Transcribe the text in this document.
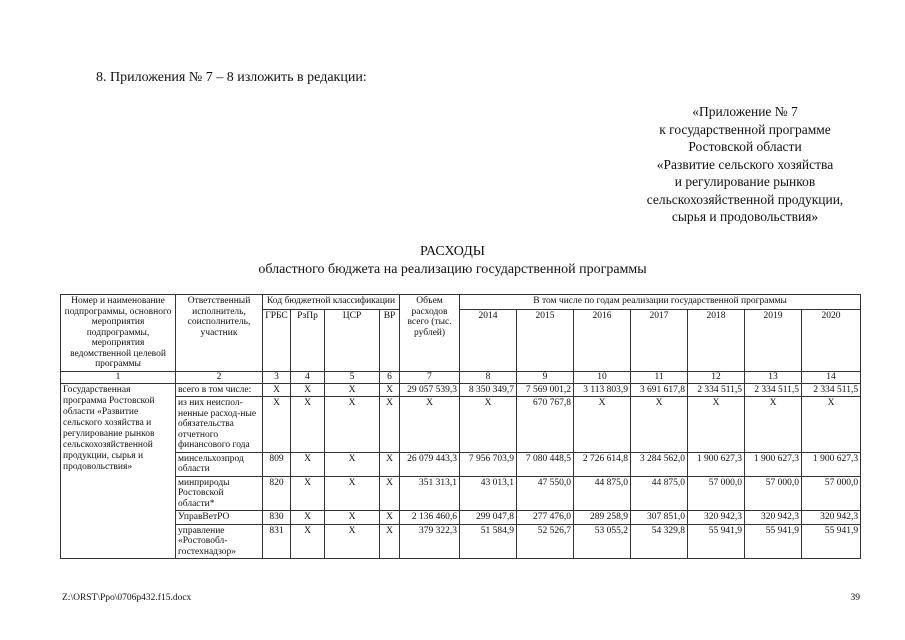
8. Приложения № 7 – 8 изложить в редакции:
«Приложение № 7
к государственной программе
Ростовской области
«Развитие сельского хозяйства
и регулирование рынков
сельскохозяйственной продукции,
сырья и продовольствия»
РАСХОДЫ
областного бюджета на реализацию государственной программы
Номер и наименование подпрограммы, основного мероприятия подпрограммы, мероприятия ведомственной целевой программы	Ответственный исполнитель, соисполнитель, участник	Код бюджетной классификации				Объем расходов всего (тыс. рублей)	В том числе по годам реализации государственной программы						
		ГРБС	РзПр	ЦСР	ВР		2014	2015	2016	2017	2018	2019	2020
1	2	3	4	5	6	7	8	9	10	11	12	13	14
Государственная программа Ростовской области «Развитие сельского хозяйства и регулирование рынков сельскохозяйственной продукции, сырья и продовольствия»	всего в том числе:	X	X	X	X	29 057 539,3	8 350 349,7	7 569 001,2	3 113 803,9	3 691 617,8	2 334 511,5	2 334 511,5	2 334 511,5
	из них неиспол-ненные расход-ные обязательства отчетного финансового года	X	X	X	X	X	X	670 767,8	X	X	X	X	X
	минсельхозпрод области	809	X	X	X	26 079 443,3	7 956 703,9	7 080 448,5	2 726 614,8	3 284 562,0	1 900 627,3	1 900 627,3	1 900 627,3
	минприроды Ростовской области*	820	X	X	X	351 313,1	43 013,1	47 550,0	44 875,0	44 875,0	57 000,0	57 000,0	57 000,0
	УправВетРО	830	X	X	X	2 136 460,6	299 047,8	277 476,0	289 258,9	307 851,0	320 942,3	320 942,3	320 942,3
	управление «Ростовобл-гостехнадзор»	831	X	X	X	379 322,3	51 584,9	52 526,7	53 055,2	54 329,8	55 941,9	55 941,9	55 941,9
Z:\ORST\Ppo\0706p432.f15.docx	39
